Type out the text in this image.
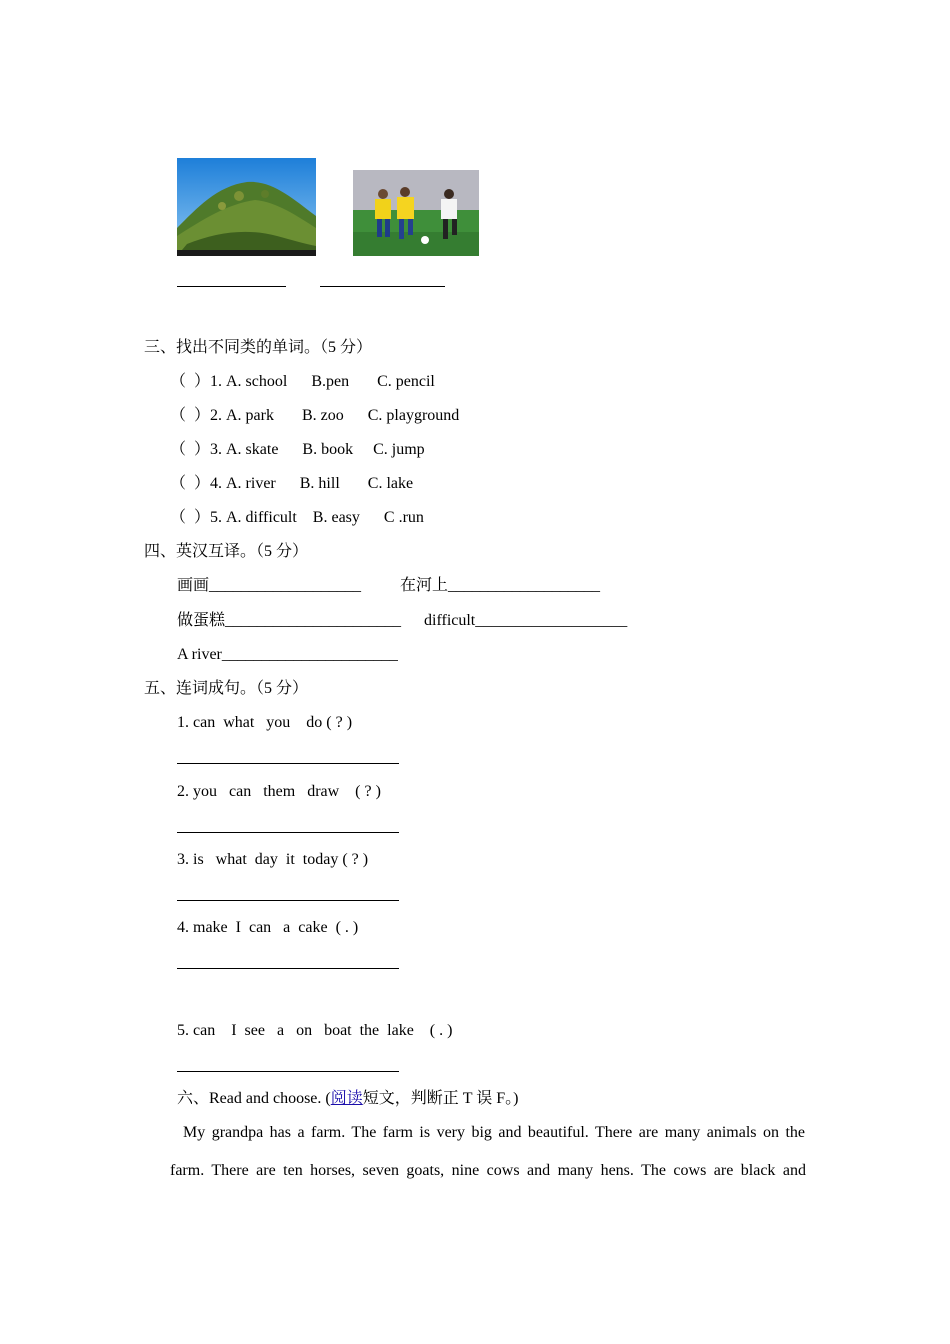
三、找出不同类的单词。（5 分）
（  ）1. A. school      B.pen       C. pencil
（  ）2. A. park       B. zoo      C. playground
（  ）3. A. skate      B. book     C. jump
（  ）4. A. river      B. hill       C. lake
（  ）5. A. difficult    B. easy      C .run
四、英汉互译。（5 分）
画画___________________ 在河上___________________
做蛋糕______________________ difficult___________________
A river______________________
五、连词成句。（5 分）
1. can  what   you    do ( ? )
2. you   can   them   draw    ( ? )
3. is   what  day  it  today ( ? )
4. make  I  can   a  cake  ( . )
5. can    I  see   a   on   boat  the  lake    ( . )
六、Read and choose. (阅读短文，判断正 T 误 F。)
My grandpa has a farm. The farm is very big and beautiful. There are many animals on the
farm. There are ten horses, seven goats, nine cows and many hens. The cows are black and
